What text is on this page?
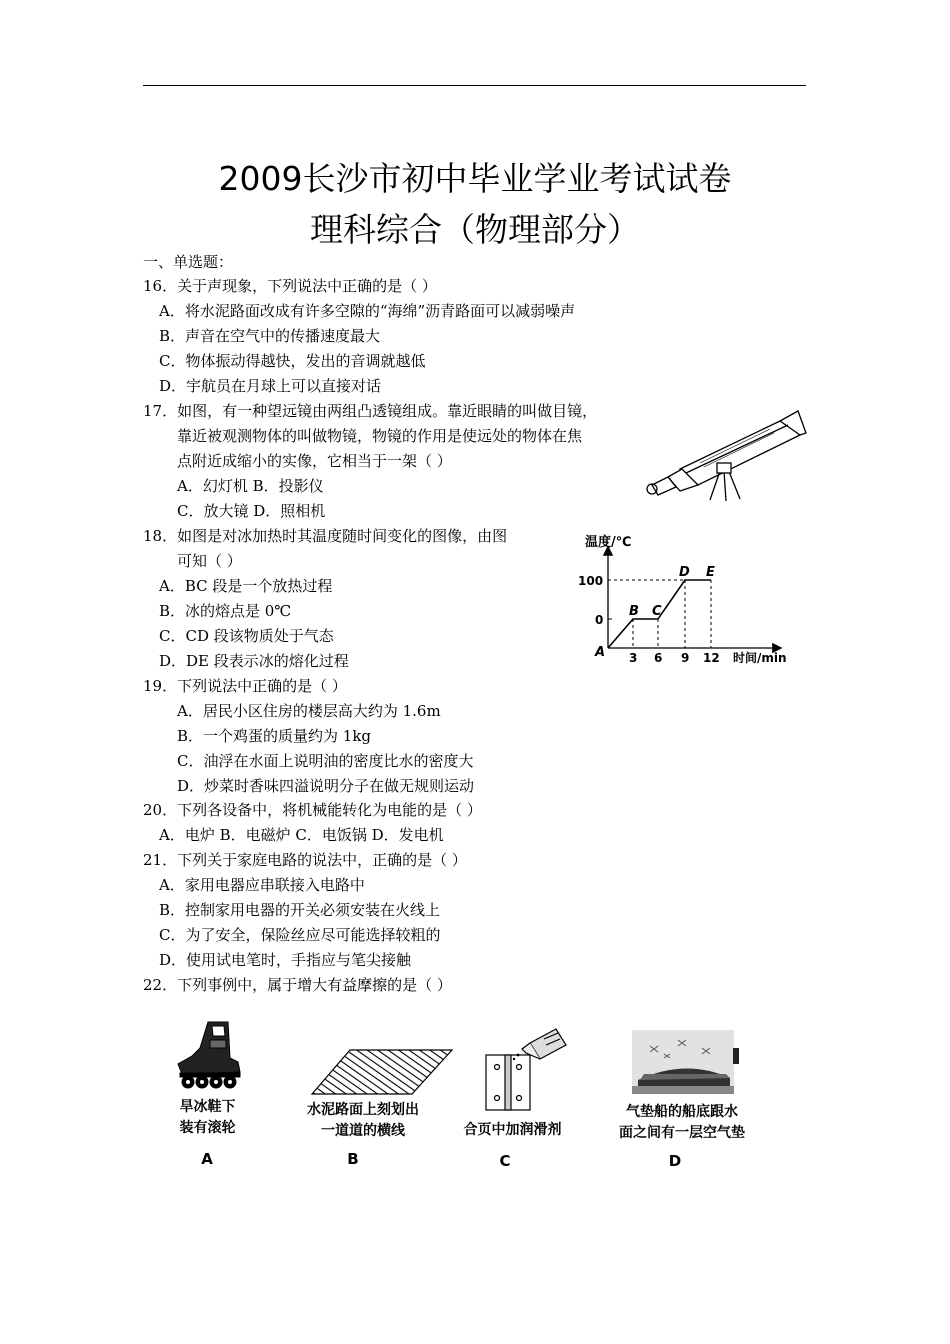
2009长沙市初中毕业学业考试试卷
理科综合（物理部分）
一、单选题：
16．关于声现象，下列说法中正确的是（ ）
A．将水泥路面改成有许多空隙的“海绵”沥青路面可以减弱噪声
B．声音在空气中的传播速度最大
C．物体振动得越快，发出的音调就越低
D．宇航员在月球上可以直接对话
17．如图，有一种望远镜由两组凸透镜组成。靠近眼睛的叫做目镜，
靠近被观测物体的叫做物镜，物镜的作用是使远处的物体在焦
点附近成缩小的实像，它相当于一架（ ）
A．幻灯机 B．投影仪
C．放大镜 D．照相机
18．如图是对冰加热时其温度随时间变化的图像，由图
可知（ ）
A．BC 段是一个放热过程
B．冰的熔点是 0℃
C．CD 段该物质处于气态
D．DE 段表示冰的熔化过程
温度/℃
时间/min
100
0
3 6 9 12
A
B C
D E
19．下列说法中正确的是（ ）
A．居民小区住房的楼层高大约为 1.6m
B．一个鸡蛋的质量约为 1kg
C．油浮在水面上说明油的密度比水的密度大
D．炒菜时香味四溢说明分子在做无规则运动
20．下列各设备中，将机械能转化为电能的是（ ）
A．电炉 B．电磁炉 C．电饭锅 D．发电机
21．下列关于家庭电路的说法中，正确的是（ ）
A．家用电器应串联接入电路中
B．控制家用电器的开关必须安装在火线上
C．为了安全，保险丝应尽可能选择较粗的
D．使用试电笔时，手指应与笔尖接触
22．下列事例中，属于增大有益摩擦的是（ ）
旱冰鞋下
装有滚轮
A
水泥路面上刻划出
一道道的横线
B
合页中加润滑剂
C
气垫船的船底跟水
面之间有一层空气垫
D
